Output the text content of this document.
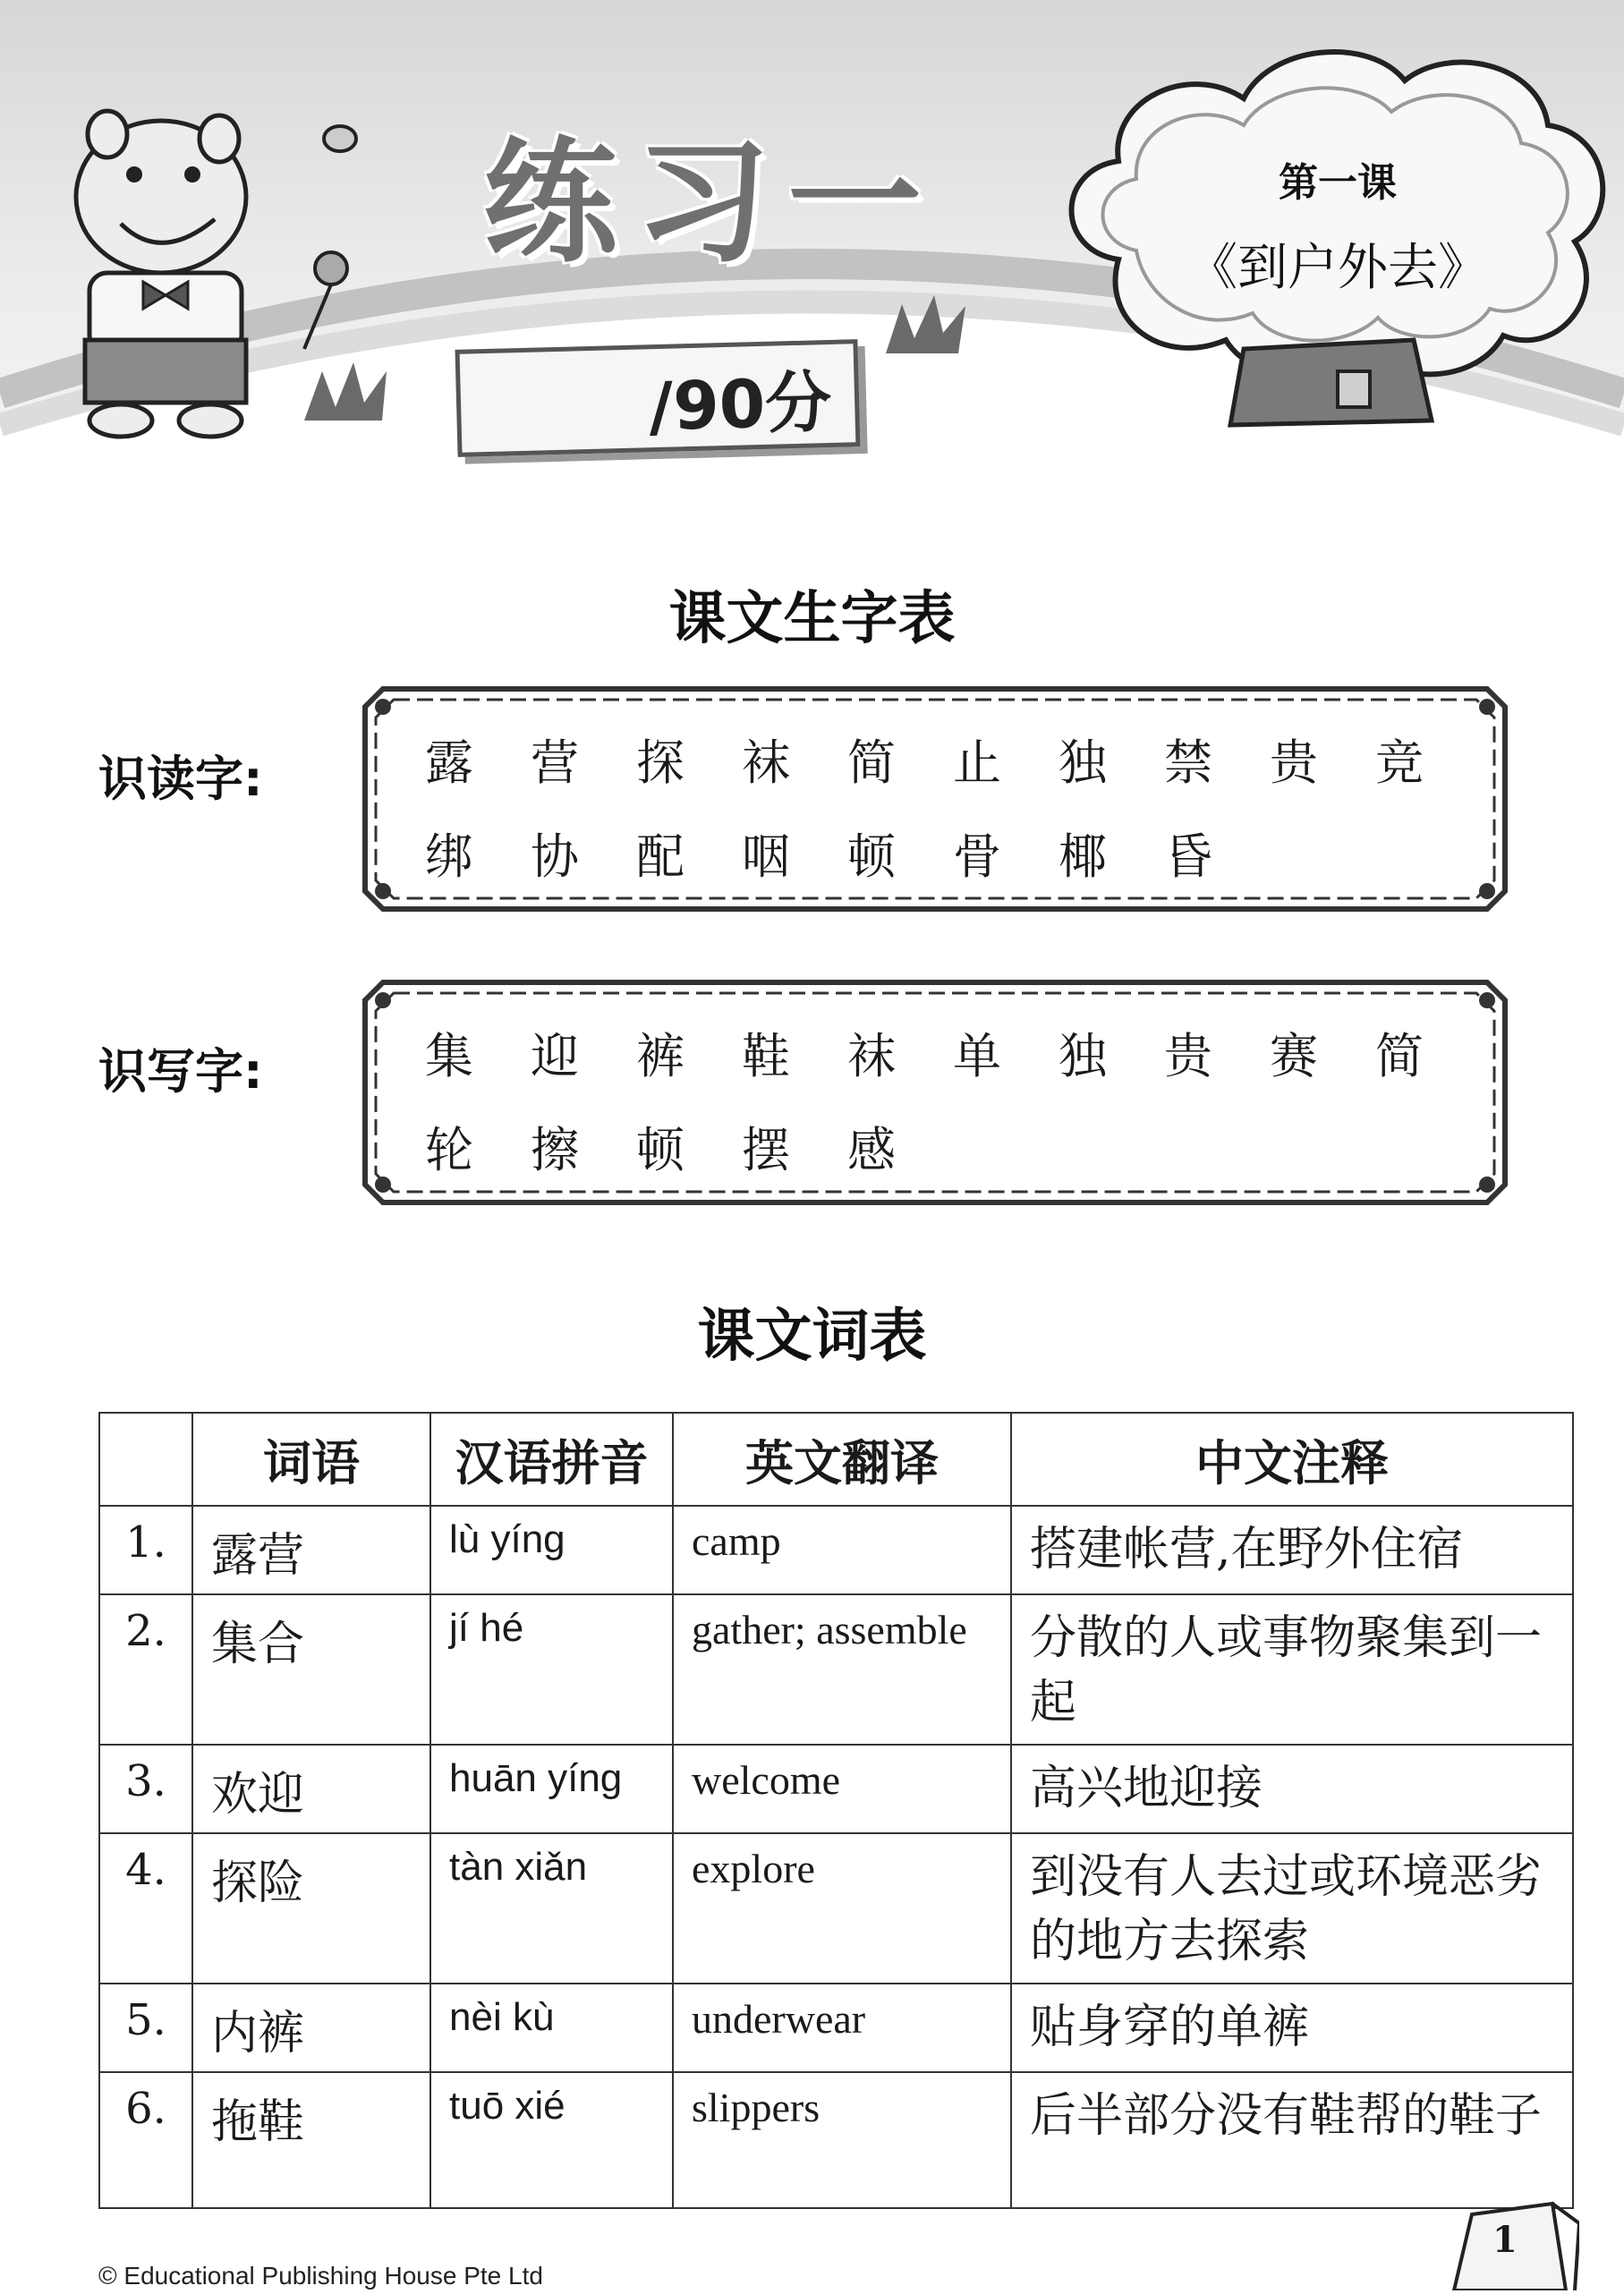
练习一
/90分
第一课
《到户外去》
课文生字表
识读字:	露	营	探	袜	简	止	独	禁	贵	竞
绑	协	配	咽	顿	骨	椰	昏
识写字:	集	迎	裤	鞋	袜	单	独	贵	赛	简
轮	擦	顿	摆	感
课文词表
	词语	汉语拼音	英文翻译	中文注释
1.	露营	lù yíng	camp	搭建帐营,在野外住宿
2.	集合	jí hé	gather; assemble	分散的人或事物聚集到一起
3.	欢迎	huān yíng	welcome	高兴地迎接
4.	探险	tàn xiǎn	explore	到没有人去过或环境恶劣的地方去探索
5.	内裤	nèi kù	underwear	贴身穿的单裤
6.	拖鞋	tuō xié	slippers	后半部分没有鞋帮的鞋子
© Educational Publishing House Pte Ltd
1
